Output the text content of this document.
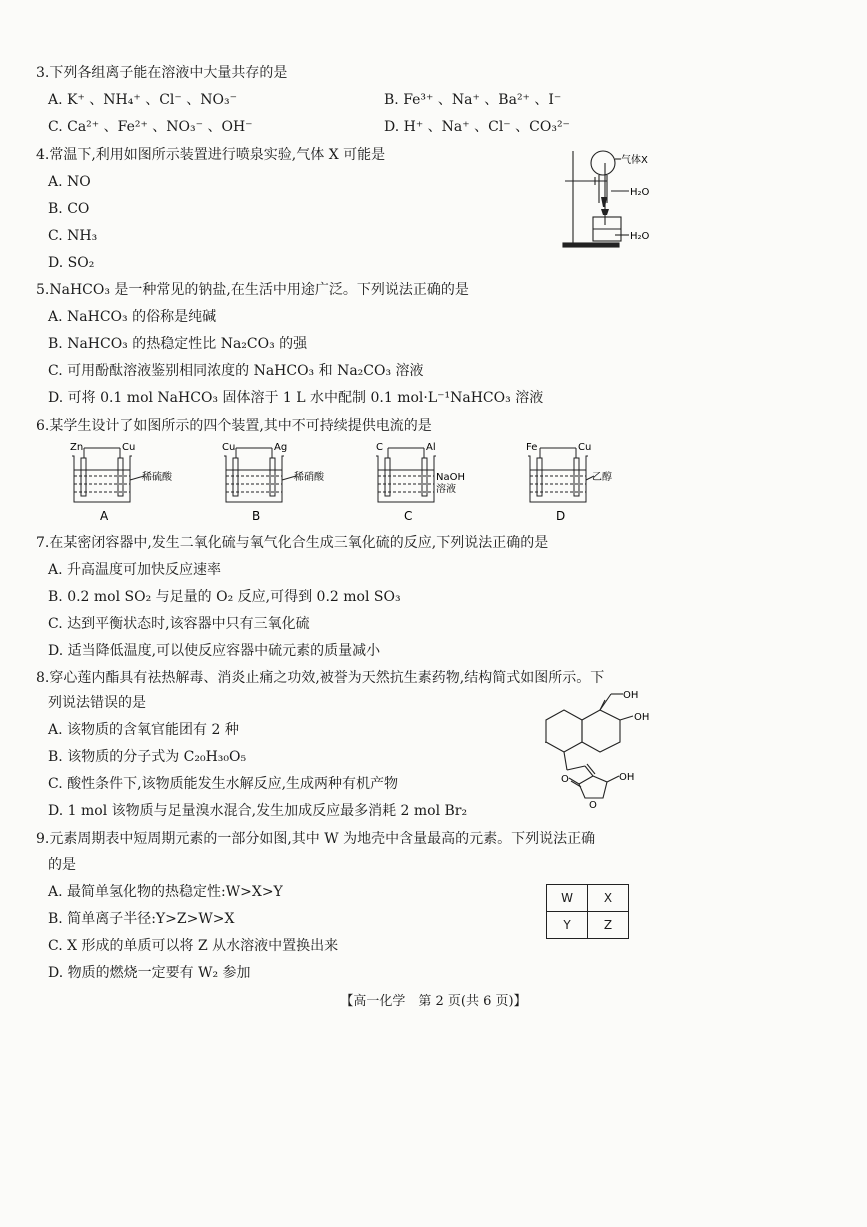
3.下列各组离子能在溶液中大量共存的是
A. K⁺ 、NH₄⁺ 、Cl⁻ 、NO₃⁻	B. Fe³⁺ 、Na⁺ 、Ba²⁺ 、I⁻
C. Ca²⁺ 、Fe²⁺ 、NO₃⁻ 、OH⁻	D. H⁺ 、Na⁺ 、Cl⁻ 、CO₃²⁻
4.常温下,利用如图所示装置进行喷泉实验,气体 X 可能是
A. NO
B. CO
C. NH₃
D. SO₂
气体X
H₂O
H₂O
5.NaHCO₃ 是一种常见的钠盐,在生活中用途广泛。下列说法正确的是
A. NaHCO₃ 的俗称是纯碱
B. NaHCO₃ 的热稳定性比 Na₂CO₃ 的强
C. 可用酚酞溶液鉴别相同浓度的 NaHCO₃ 和 Na₂CO₃ 溶液
D. 可将 0.1 mol NaHCO₃ 固体溶于 1 L 水中配制 0.1 mol·L⁻¹NaHCO₃ 溶液
6.某学生设计了如图所示的四个装置,其中不可持续提供电流的是
Zn	Cu
稀硫酸
A
Cu	Ag
稀硝酸
B
C	Al
NaOH
溶液
C
Fe	Cu
乙醇
D
7.在某密闭容器中,发生二氧化硫与氧气化合生成三氧化硫的反应,下列说法正确的是
A. 升高温度可加快反应速率
B. 0.2 mol SO₂ 与足量的 O₂ 反应,可得到 0.2 mol SO₃
C. 达到平衡状态时,该容器中只有三氧化硫
D. 适当降低温度,可以使反应容器中硫元素的质量减小
8.穿心莲内酯具有祛热解毒、消炎止痛之功效,被誉为天然抗生素药物,结构简式如图所示。下
列说法错误的是
A. 该物质的含氧官能团有 2 种
B. 该物质的分子式为 C₂₀H₃₀O₅
C. 酸性条件下,该物质能发生水解反应,生成两种有机产物
D. 1 mol 该物质与足量溴水混合,发生加成反应最多消耗 2 mol Br₂
OH
OH
OH
O
O
9.元素周期表中短周期元素的一部分如图,其中 W 为地壳中含量最高的元素。下列说法正确
的是
A. 最简单氢化物的热稳定性:W>X>Y
B. 简单离子半径:Y>Z>W>X
C. X 形成的单质可以将 Z 从水溶液中置换出来
D. 物质的燃烧一定要有 W₂ 参加
W	X
Y	Z
【高一化学　第 2 页(共 6 页)】
